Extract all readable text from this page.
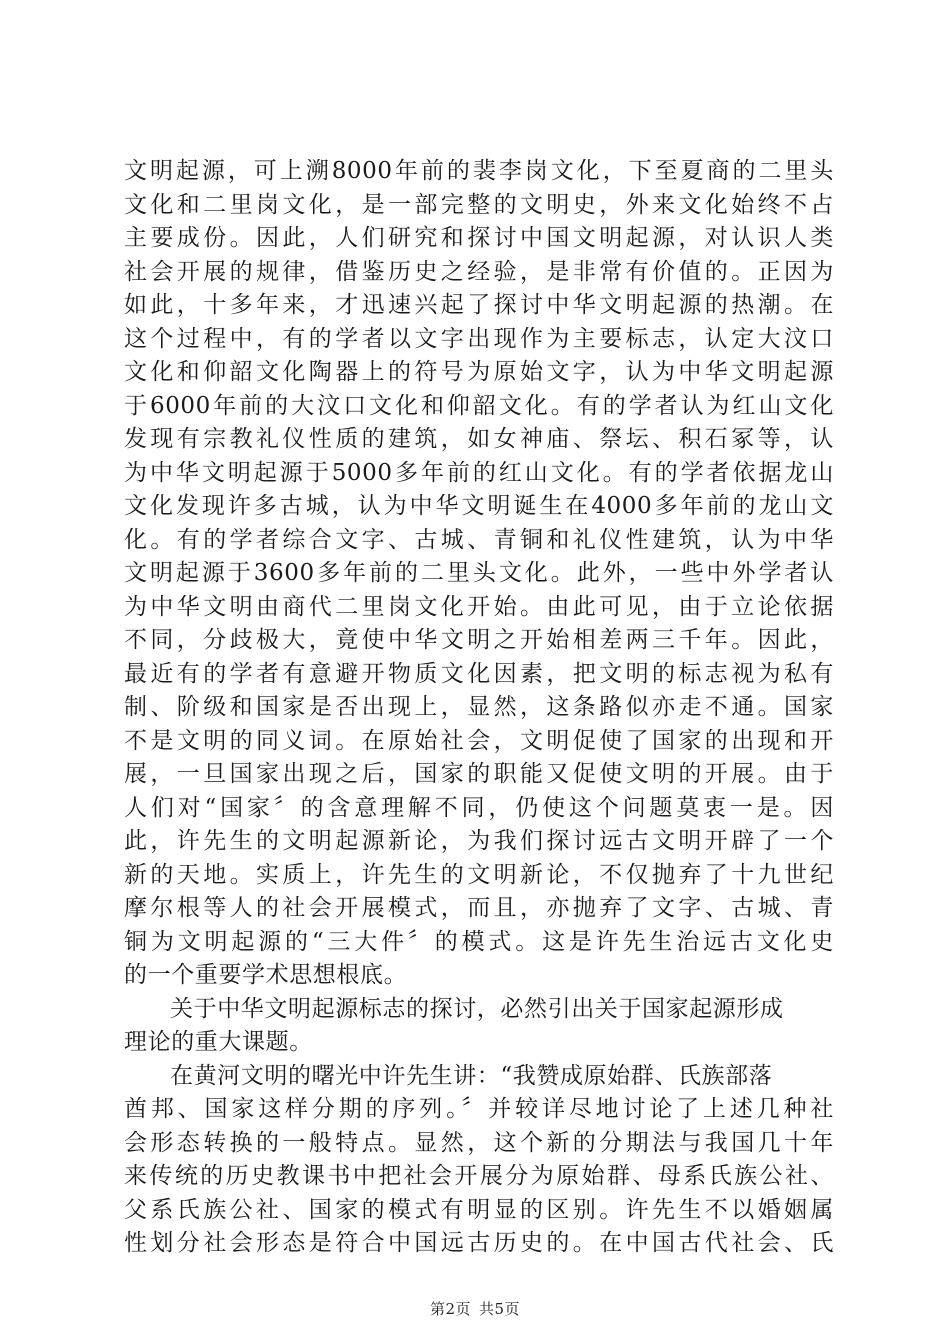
文明起源，可上溯8000年前的裴李岗文化，下至夏商的二里头
文化和二里岗文化，是一部完整的文明史，外来文化始终不占
主要成份。因此，人们研究和探讨中国文明起源，对认识人类
社会开展的规律，借鉴历史之经验，是非常有价值的。正因为
如此，十多年来，才迅速兴起了探讨中华文明起源的热潮。在
这个过程中，有的学者以文字出现作为主要标志，认定大汶口
文化和仰韶文化陶器上的符号为原始文字，认为中华文明起源
于6000年前的大汶口文化和仰韶文化。有的学者认为红山文化
发现有宗教礼仪性质的建筑，如女神庙、祭坛、积石冢等，认
为中华文明起源于5000多年前的红山文化。有的学者依据龙山
文化发现许多古城，认为中华文明诞生在4000多年前的龙山文
化。有的学者综合文字、古城、青铜和礼仪性建筑，认为中华
文明起源于3600多年前的二里头文化。此外，一些中外学者认
为中华文明由商代二里岗文化开始。由此可见，由于立论依据
不同，分歧极大，竟使中华文明之开始相差两三千年。因此，
最近有的学者有意避开物质文化因素，把文明的标志视为私有
制、阶级和国家是否出现上，显然，这条路似亦走不通。国家
不是文明的同义词。在原始社会，文明促使了国家的出现和开
展，一旦国家出现之后，国家的职能又促使文明的开展。由于
人们对“国家〞的含意理解不同，仍使这个问题莫衷一是。因
此，许先生的文明起源新论，为我们探讨远古文明开辟了一个
新的天地。实质上，许先生的文明新论，不仅抛弃了十九世纪
摩尔根等人的社会开展模式，而且，亦抛弃了文字、古城、青
铜为文明起源的“三大件〞的模式。这是许先生治远古文化史
的一个重要学术思想根底。
关于中华文明起源标志的探讨，必然引出关于国家起源形成
理论的重大课题。
在黄河文明的曙光中许先生讲：“我赞成原始群、氏族部落
酋邦、国家这样分期的序列。〞并较详尽地讨论了上述几种社
会形态转换的一般特点。显然，这个新的分期法与我国几十年
来传统的历史教课书中把社会开展分为原始群、母系氏族公社、
父系氏族公社、国家的模式有明显的区别。许先生不以婚姻属
性划分社会形态是符合中国远古历史的。在中国古代社会、氏
第2页 共5页
